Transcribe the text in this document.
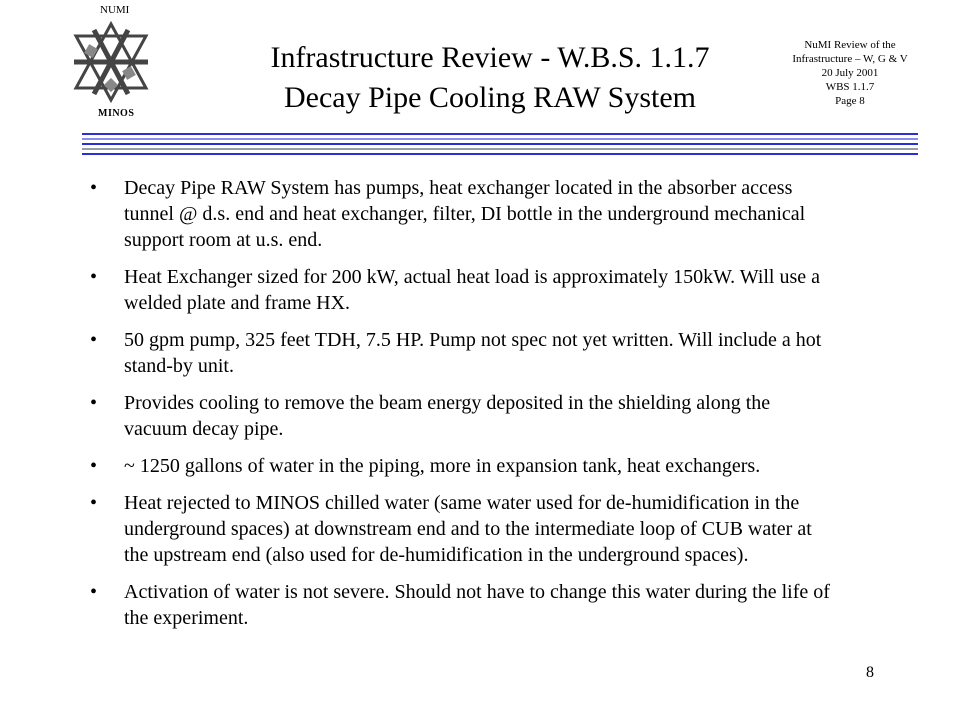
NUMI
MINOS
Infrastructure Review - W.B.S. 1.1.7
Decay Pipe Cooling RAW System
NuMI Review of the
Infrastructure – W, G & V
20 July 2001
WBS 1.1.7
Page 8
• Decay Pipe RAW System has pumps, heat exchanger located in the absorber access tunnel @ d.s. end and heat exchanger, filter, DI bottle in the underground mechanical support room at u.s. end.
• Heat Exchanger sized for 200 kW, actual heat load is approximately 150kW. Will use a welded plate and frame HX.
• 50 gpm pump, 325 feet TDH, 7.5 HP. Pump not spec not yet written. Will include a hot stand-by unit.
• Provides cooling to remove the beam energy deposited in the shielding along the vacuum decay pipe.
• ~ 1250 gallons of water in the piping, more in expansion tank, heat exchangers.
• Heat rejected to MINOS chilled water (same water used for de-humidification in the underground spaces) at downstream end and to the intermediate loop of CUB water at the upstream end (also used for de-humidification in the underground spaces).
• Activation of water is not severe. Should not have to change this water during the life of the experiment.
8
